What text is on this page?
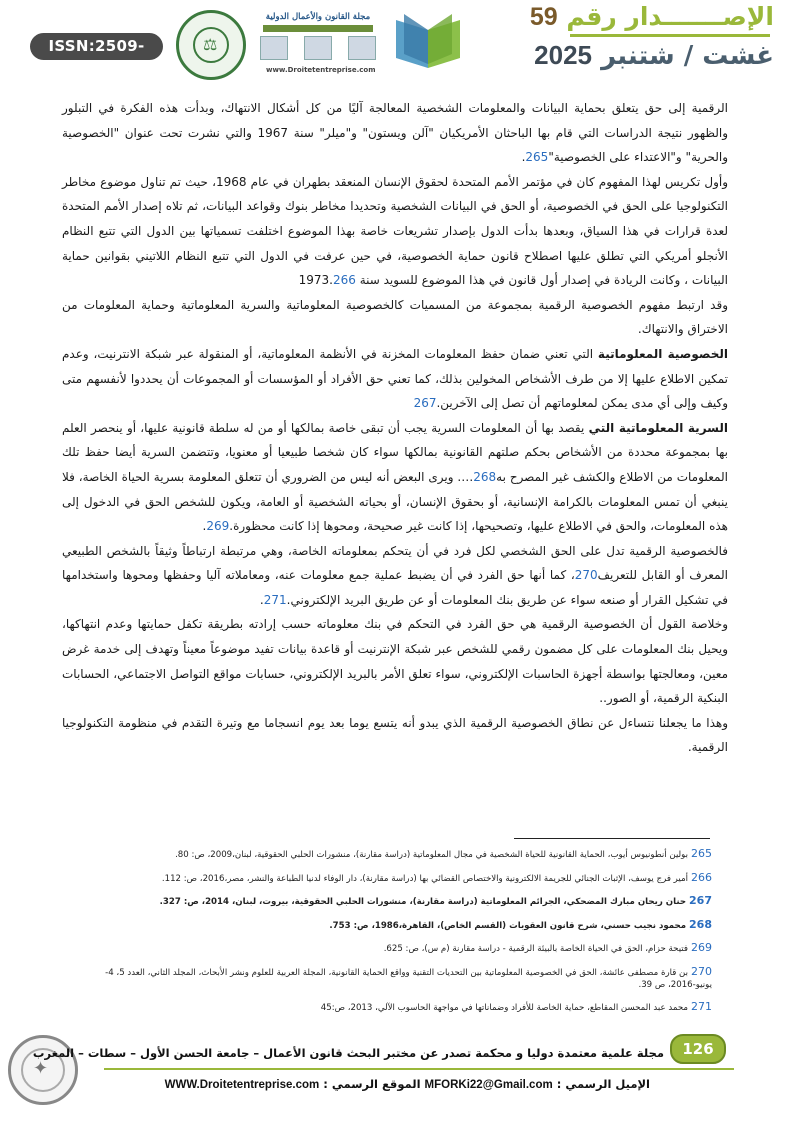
ISSN:2509-0291
⚖
مجلة القانون والأعمال الدولية
www.Droitetentreprise.com
الإصـــــــدار رقم 59
غشت / شتنبر 2025

الرقمية إلى حق يتعلق بحماية البيانات والمعلومات الشخصية المعالجة آليًا من كل أشكال الانتهاك، وبدأت هذه الفكرة في التبلور والظهور نتيجة الدراسات التي قام بها الباحثان الأمريكيان "آلن ويستون" و"ميلر" سنة 1967 والتي نشرت تحت عنوان "الخصوصية والحرية" و"الاعتداء على الخصوصية"265.

وأول تكريس لهذا المفهوم كان في مؤتمر الأمم المتحدة لحقوق الإنسان المنعقد بطهران في عام 1968، حيث تم تناول موضوع مخاطر التكنولوجيا على الحق في الخصوصية، أو الحق في البيانات الشخصية وتحديدا مخاطر بنوك وقواعد البيانات، ثم تلاه إصدار الأمم المتحدة لعدة قرارات في هذا السياق، وبعدها بدأت الدول بإصدار تشريعات خاصة بهذا الموضوع اختلفت تسمياتها بين الدول التي تتبع النظام الأنجلو أمريكي التي تطلق عليها اصطلاح قانون حماية الخصوصية، في حين عرفت في الدول التي تتبع النظام اللاتيني بقوانين حماية البيانات ، وكانت الريادة في إصدار أول قانون في هذا الموضوع للسويد سنة 1973.266

وقد ارتبط مفهوم الخصوصية الرقمية بمجموعة من المسميات كالخصوصية المعلوماتية والسرية المعلوماتية وحماية المعلومات من الاختراق والانتهاك.

الخصوصية المعلوماتية التي تعني ضمان حفظ المعلومات المخزنة في الأنظمة المعلوماتية، أو المنقولة عبر شبكة الانترنيت، وعدم تمكين الاطلاع عليها إلا من طرف الأشخاص المخولين بذلك، كما تعني حق الأفراد أو المؤسسات أو المجموعات أن يحددوا لأنفسهم متى وكيف وإلى أي مدى يمكن لمعلوماتهم أن تصل إلى الآخرين.267

السرية المعلوماتية التي يقصد بها أن المعلومات السرية يجب أن تبقى خاصة بمالكها أو من له سلطة قانونية عليها، أو ينحصر العلم بها بمجموعة محددة من الأشخاص بحكم صلتهم القانونية بمالكها سواء كان شخصا طبيعيا أو معنويا، وتتضمن السرية أيضا حفظ تلك المعلومات من الاطلاع والكشف غير المصرح به268…. ويرى البعض أنه ليس من الضروري أن تتعلق المعلومة بسرية الحياة الخاصة، فلا ينبغي أن تمس المعلومات بالكرامة الإنسانية، أو بحقوق الإنسان، أو بحياته الشخصية أو العامة، ويكون للشخص الحق في الدخول إلى هذه المعلومات، والحق في الاطلاع عليها، وتصحيحها، إذا كانت غير صحيحة، ومحوها إذا كانت محظورة.269.

فالخصوصية الرقمية تدل على الحق الشخصي لكل فرد في أن يتحكم بمعلوماته الخاصة، وهي مرتبطة ارتباطاً وثيقاً بالشخص الطبيعي المعرف أو القابل للتعريف270، كما أنها حق الفرد في أن يضبط عملية جمع معلومات عنه، ومعاملاته آليا وحفظها ومحوها واستخدامها في تشكيل القرار أو صنعه سواء عن طريق بنك المعلومات أو عن طريق البريد الإلكتروني.271.

وخلاصة القول أن الخصوصية الرقمية هي حق الفرد في التحكم في بنك معلوماته حسب إرادته بطريقة تكفل حمايتها وعدم انتهاكها، ويحيل بنك المعلومات على كل مضمون رقمي للشخص عبر شبكة الإنترنيت أو قاعدة بيانات تفيد موضوعاً معيناً وتهدف إلى خدمة غرض معين، ومعالجتها بواسطة أجهزة الحاسبات الإلكتروني، سواء تعلق الأمر بالبريد الإلكتروني، حسابات مواقع التواصل الاجتماعي، الحسابات البنكية الرقمية، أو الصور..

وهذا ما يجعلنا نتساءل عن نطاق الخصوصية الرقمية الذي يبدو أنه يتسع يوما بعد يوم انسجاما مع وتيرة التقدم في منظومة التكنولوجيا الرقمية.

265بولين أنطونيوس أيوب، الحماية القانونية للحياة الشخصية في مجال المعلوماتية (دراسة مقارنة)، منشورات الحلبي الحقوقية، لبنان،2009، ص: 80.
266أمير فرج يوسف، الإثبات الجنائي للجريمة الالكترونية والاختصاص القضائي بها (دراسة مقارنة)، دار الوفاء لدنيا الطباعة والنشر، مصر،2016، ص: 112.
267حنان ريحان مبارك المضحكي، الجرائم المعلوماتية (دراسة مقارنة)، منشورات الحلبي الحقوقية، بيروت، لبنان، 2014، ص: 327.
268محمود نجيب حسني، شرح قانون العقوبات (القسم الخاص)، القاهرة،1986، ص: 753.
269فتيحة حزام، الحق في الحياة الخاصة بالبيئة الرقمية - دراسة مقارنة (م س)، ص: 625.
270بن قارة مصطفى عائشة، الحق في الخصوصية المعلوماتية بين التحديات التقنية وواقع الحماية القانونية، المجلة العربية للعلوم ونشر الأبحاث، المجلد الثاني، العدد 5، 4-يونيو-2016، ص 39.
271محمد عبد المحسن المقاطع، حماية الخاصة للأفراد وضماناتها في مواجهة الحاسوب الآلي، 2013، ص:45
✦
126
مجلة علمية معتمدة دوليا و محكمة تصدر عن مختبر البحث قانون الأعمال – جامعة الحسن الأول – سطات – المغرب
الإميل الرسمي : MFORKi22@Gmail.com الموقع الرسمي : WWW.Droitetentreprise.com
